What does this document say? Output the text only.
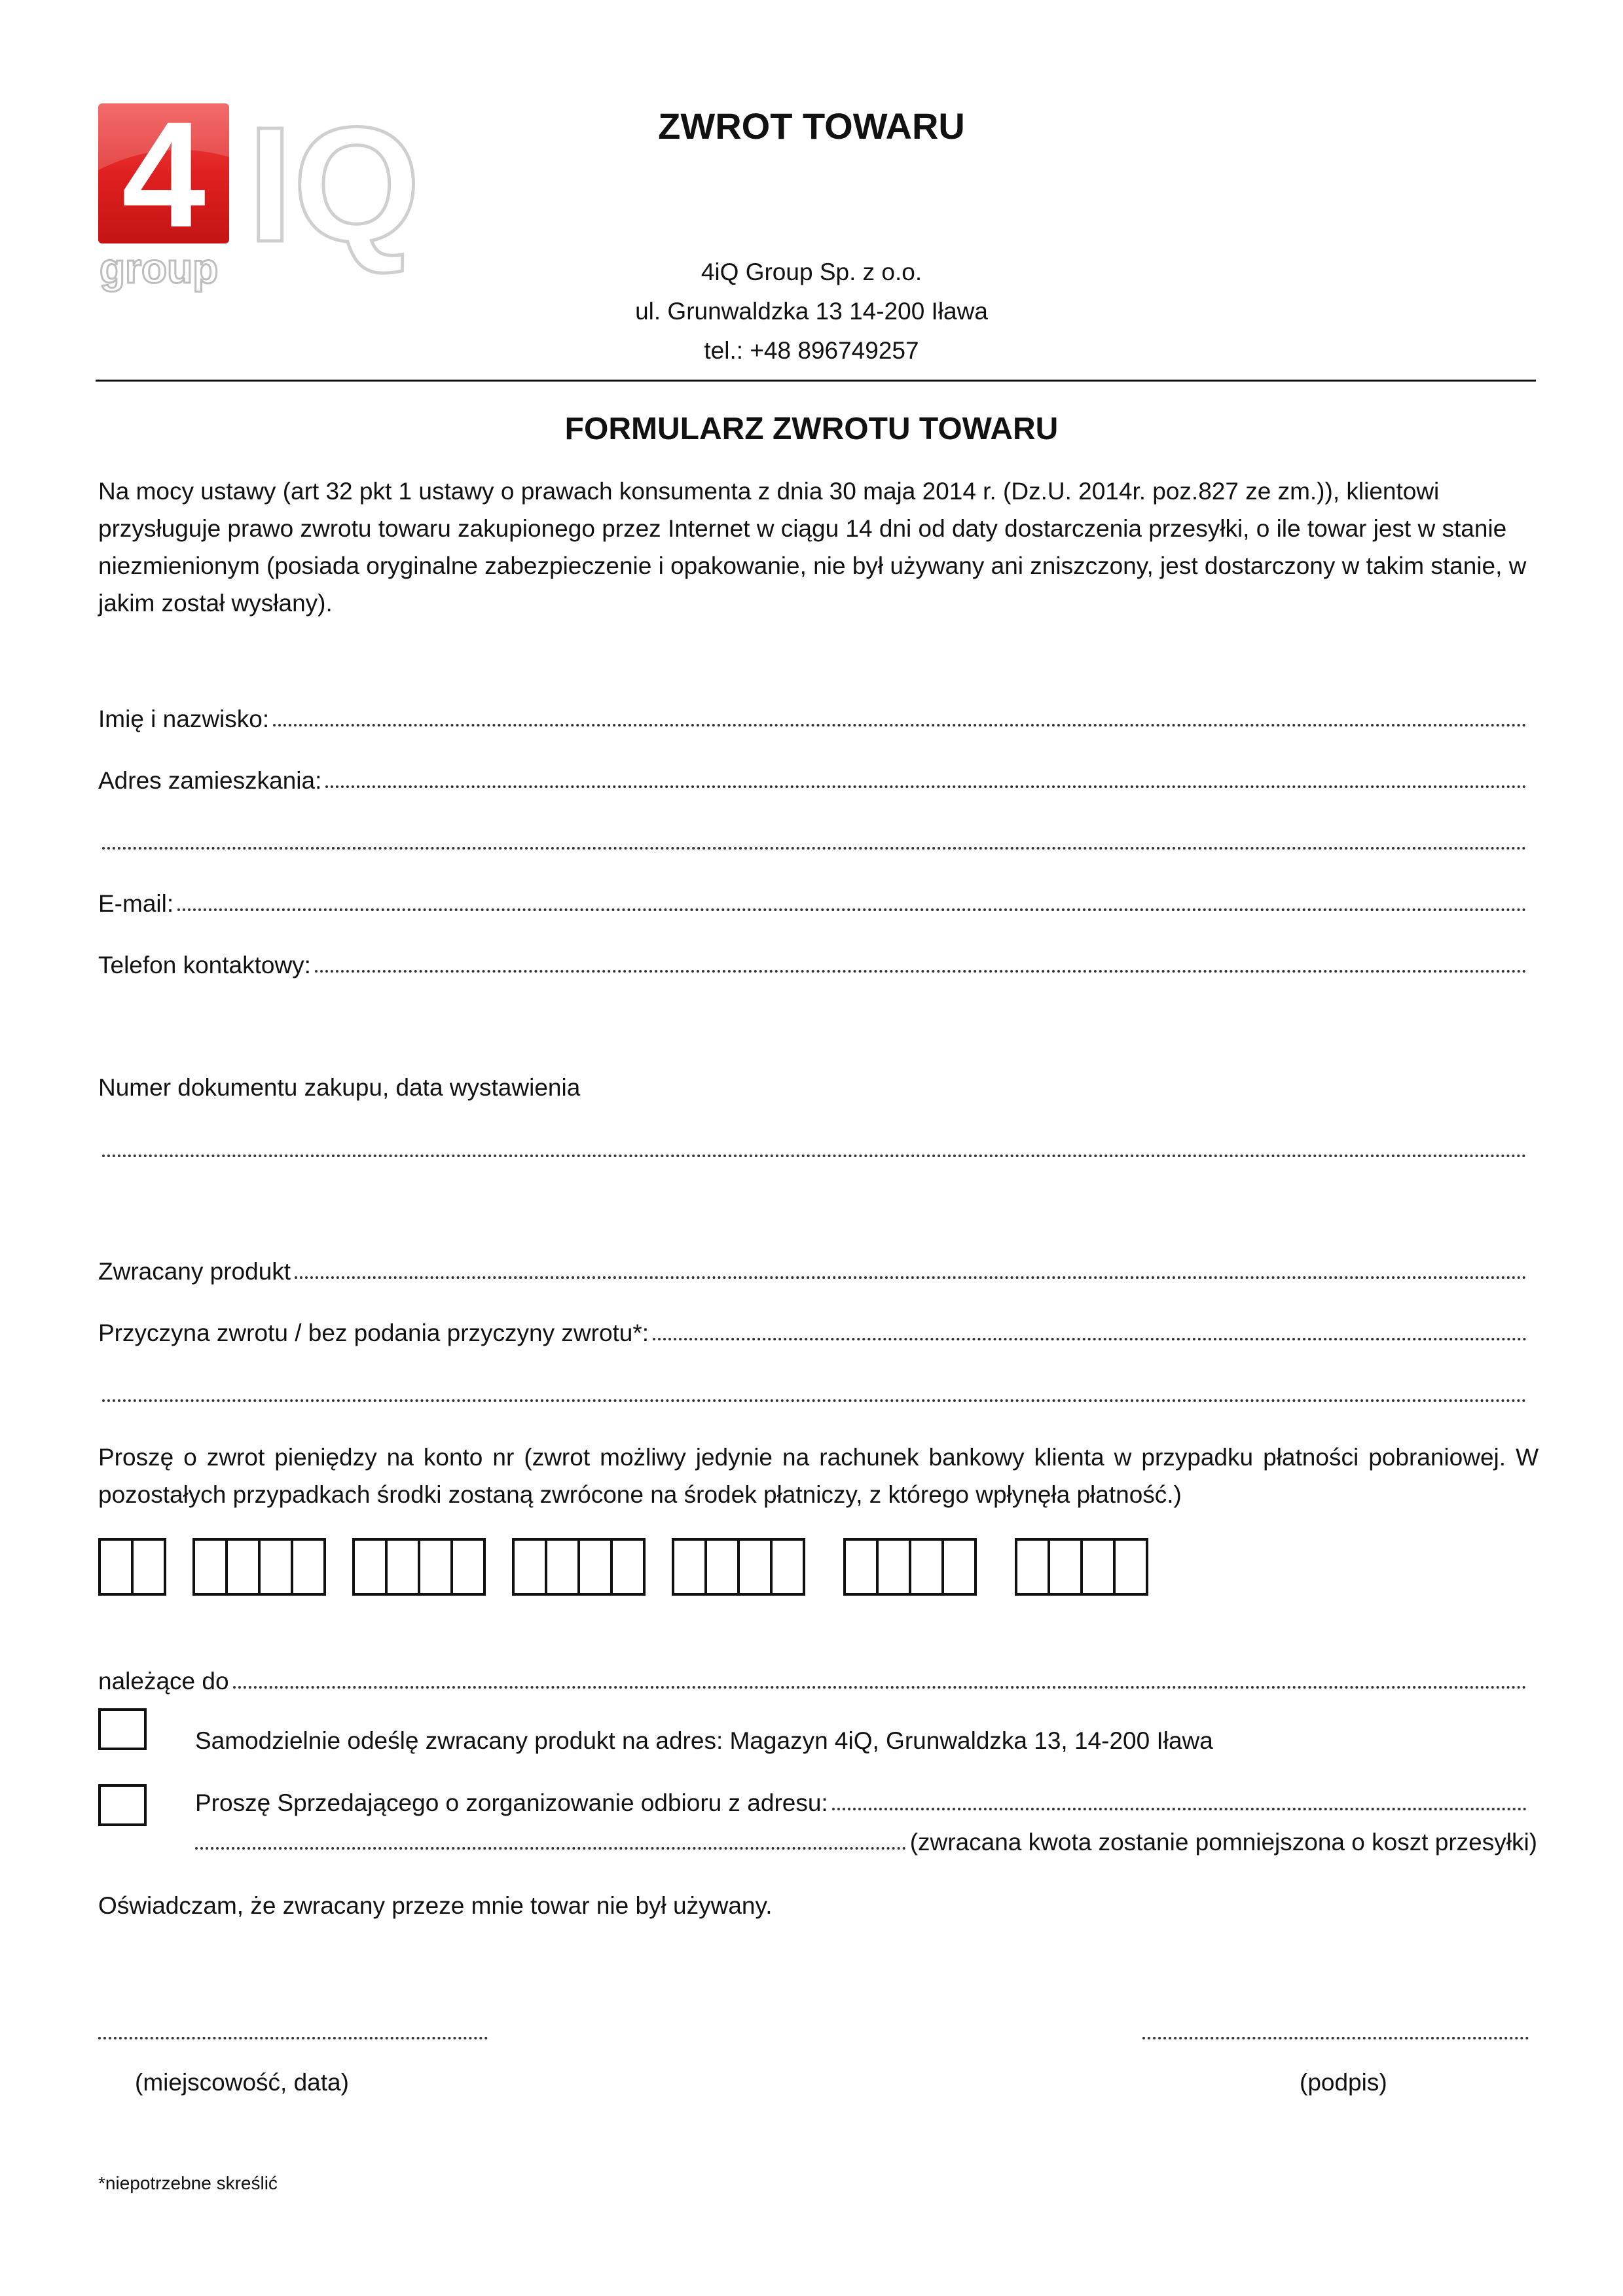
4 IQ
group
ZWROT TOWARU
4iQ Group Sp. z o.o.
ul. Grunwaldzka 13 14-200 Iława
tel.: +48 896749257
FORMULARZ ZWROTU TOWARU
Na mocy ustawy (art 32 pkt 1 ustawy o prawach konsumenta z dnia 30 maja 2014 r. (Dz.U. 2014r. poz.827 ze zm.)), klientowi przysługuje prawo zwrotu towaru zakupionego przez Internet w ciągu 14 dni od daty dostarczenia przesyłki, o ile towar jest w stanie niezmienionym (posiada oryginalne zabezpieczenie i opakowanie, nie był używany ani zniszczony, jest dostarczony w takim stanie, w jakim został wysłany).
Imię i nazwisko:
Adres zamieszkania:
E-mail:
Telefon kontaktowy:
Numer dokumentu zakupu, data wystawienia
Zwracany produkt
Przyczyna zwrotu / bez podania przyczyny zwrotu*:
Proszę o zwrot pieniędzy na konto nr (zwrot możliwy jedynie na rachunek bankowy klienta w przypadku płatności pobraniowej. W pozostałych przypadkach środki zostaną zwrócone na środek płatniczy, z którego wpłynęła płatność.)
należące do
Samodzielnie odeślę zwracany produkt na adres: Magazyn 4iQ, Grunwaldzka 13, 14-200 Iława
Proszę Sprzedającego o zorganizowanie odbioru z adresu:
(zwracana kwota zostanie pomniejszona o koszt przesyłki)
Oświadczam, że zwracany przeze mnie towar nie był używany.
(miejscowość, data)	(podpis)
*niepotrzebne skreślić
